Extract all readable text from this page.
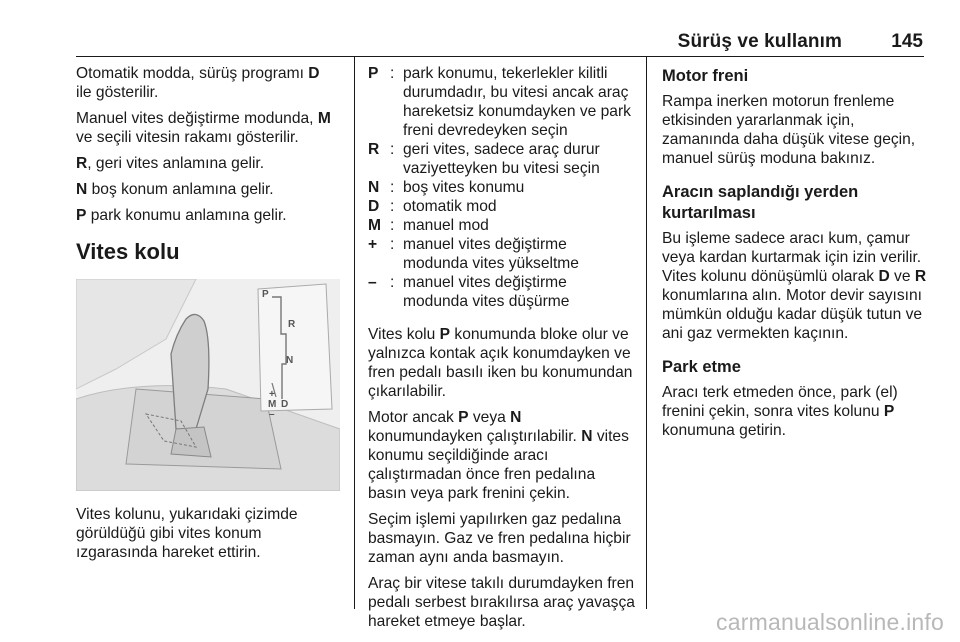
Sürüş ve kullanım	145

Otomatik modda, sürüş programı D
ile gösterilir.

Manuel vites değiştirme modunda, M
ve seçili vitesin rakamı gösterilir.

R, geri vites anlamına gelir.

N boş konum anlamına gelir.

P park konumu anlamına gelir.

Vites kolu
P
R
N
+
M D
–

Vites kolunu, yukarıdaki çizimde görüldüğü gibi vites konum ızgarasında hareket ettirin.

P : park konumu, tekerlekler kilitli durumdadır, bu vitesi ancak araç hareketsiz konumdayken ve park freni devredeyken seçin
R : geri vites, sadece araç durur vaziyetteyken bu vitesi seçin
N : boş vites konumu
D : otomatik mod
M : manuel mod
+ : manuel vites değiştirme modunda vites yükseltme
– : manuel vites değiştirme modunda vites düşürme

Vites kolu P konumunda bloke olur ve yalnızca kontak açık konumdayken ve fren pedalı basılı iken bu konumundan çıkarılabilir.

Motor ancak P veya N konumundayken çalıştırılabilir. N vites konumu seçildiğinde aracı çalıştırmadan önce fren pedalına basın veya park frenini çekin.

Seçim işlemi yapılırken gaz pedalına basmayın. Gaz ve fren pedalına hiçbir zaman aynı anda basmayın.

Araç bir vitese takılı durumdayken fren pedalı serbest bırakılırsa araç yavaşça hareket etmeye başlar.

Motor freni

Rampa inerken motorun frenleme etkisinden yararlanmak için, zamanında daha düşük vitese geçin, manuel sürüş moduna bakınız.

Aracın saplandığı yerden kurtarılması

Bu işleme sadece aracı kum, çamur veya kardan kurtarmak için izin verilir. Vites kolunu dönüşümlü olarak D ve R konumlarına alın. Motor devir sayısını mümkün olduğu kadar düşük tutun ve ani gaz vermekten kaçının.

Park etme

Aracı terk etmeden önce, park (el) frenini çekin, sonra vites kolunu P konumuna getirin.

carmanualsonline.info
